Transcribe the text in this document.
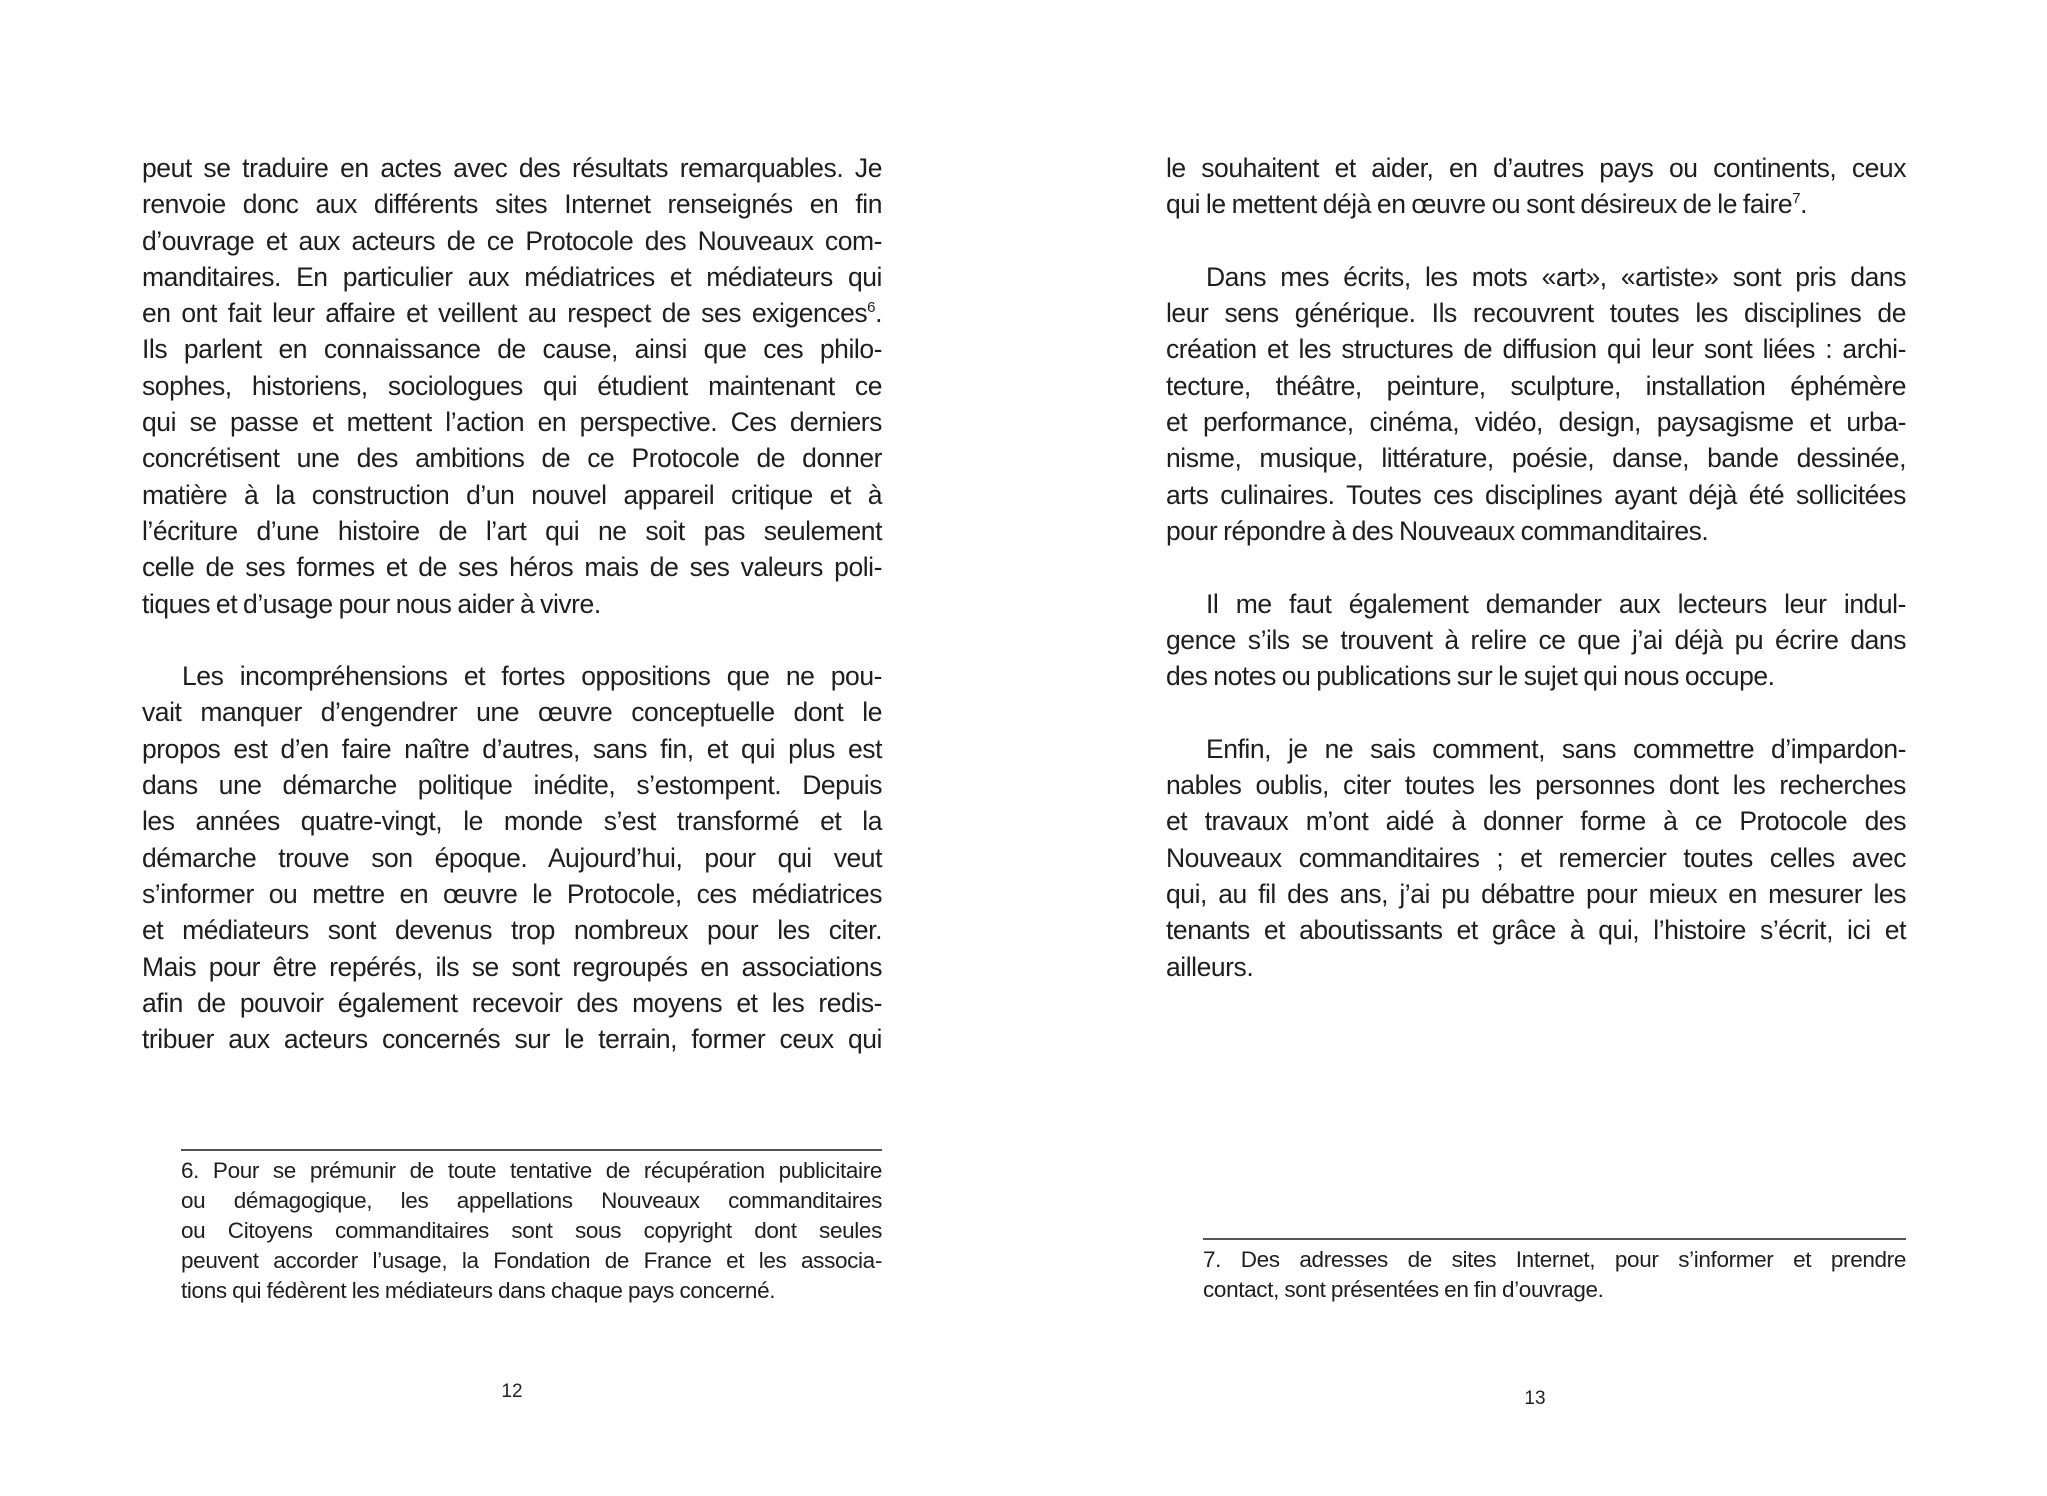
peut se traduire en actes avec des résultats remarquables. Je
renvoie donc aux différents sites Internet renseignés en fin
d’ouvrage et aux acteurs de ce Protocole des Nouveaux com-
manditaires. En particulier aux médiatrices et médiateurs qui
en ont fait leur affaire et veillent au respect de ses exigences$^6$.
Ils parlent en connaissance de cause, ainsi que ces philo-
sophes, historiens, sociologues qui étudient maintenant ce
qui se passe et mettent l’action en perspective. Ces derniers
concrétisent une des ambitions de ce Protocole de donner
matière à la construction d’un nouvel appareil critique et à
l’écriture d’une histoire de l’art qui ne soit pas seulement
celle de ses formes et de ses héros mais de ses valeurs poli-
tiques et d’usage pour nous aider à vivre.
Les incompréhensions et fortes oppositions que ne pou-
vait manquer d’engendrer une œuvre conceptuelle dont le
propos est d’en faire naître d’autres, sans fin, et qui plus est
dans une démarche politique inédite, s’estompent. Depuis
les années quatre-vingt, le monde s’est transformé et la
démarche trouve son époque. Aujourd’hui, pour qui veut
s’informer ou mettre en œuvre le Protocole, ces médiatrices
et médiateurs sont devenus trop nombreux pour les citer.
Mais pour être repérés, ils se sont regroupés en associations
afin de pouvoir également recevoir des moyens et les redis-
tribuer aux acteurs concernés sur le terrain, former ceux qui
6. Pour se prémunir de toute tentative de récupération publicitaire
ou démagogique, les appellations Nouveaux commanditaires
ou Citoyens commanditaires sont sous copyright dont seules
peuvent accorder l’usage, la Fondation de France et les associa-
tions qui fédèrent les médiateurs dans chaque pays concerné.
12
le souhaitent et aider, en d’autres pays ou continents, ceux
qui le mettent déjà en œuvre ou sont désireux de le faire$^7$.
Dans mes écrits, les mots «art», «artiste» sont pris dans
leur sens générique. Ils recouvrent toutes les disciplines de
création et les structures de diffusion qui leur sont liées : archi-
tecture, théâtre, peinture, sculpture, installation éphémère
et performance, cinéma, vidéo, design, paysagisme et urba-
nisme, musique, littérature, poésie, danse, bande dessinée,
arts culinaires. Toutes ces disciplines ayant déjà été sollicitées
pour répondre à des Nouveaux commanditaires.
Il me faut également demander aux lecteurs leur indul-
gence s’ils se trouvent à relire ce que j’ai déjà pu écrire dans
des notes ou publications sur le sujet qui nous occupe.
Enfin, je ne sais comment, sans commettre d’impardon-
nables oublis, citer toutes les personnes dont les recherches
et travaux m’ont aidé à donner forme à ce Protocole des
Nouveaux commanditaires ; et remercier toutes celles avec
qui, au fil des ans, j’ai pu débattre pour mieux en mesurer les
tenants et aboutissants et grâce à qui, l’histoire s’écrit, ici et
ailleurs.
7. Des adresses de sites Internet, pour s’informer et prendre
contact, sont présentées en fin d’ouvrage.
13
